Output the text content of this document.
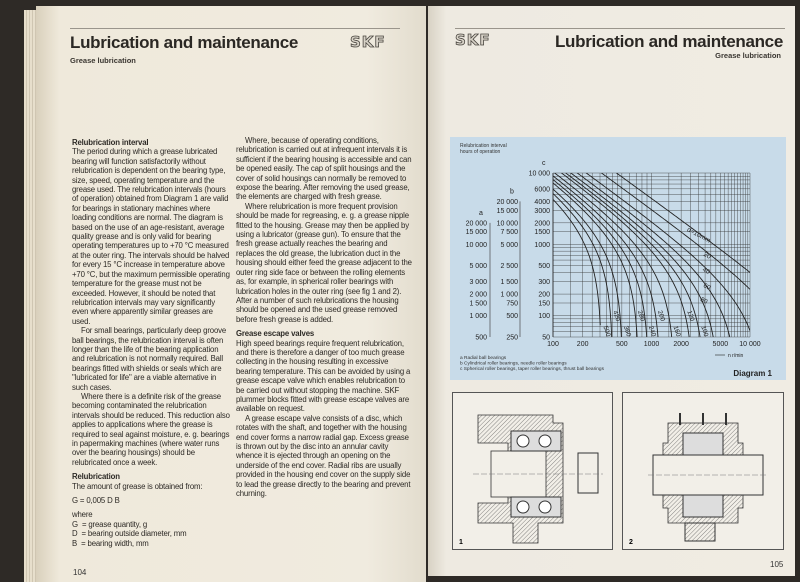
Lubrication and maintenance	SKF
Grease lubrication
Relubrication interval

The period during which a grease lubricated bearing will function satisfactorily without relubrication is dependent on the bearing type, size, speed, operating temperature and the grease used. The relubrication intervals (hours of operation) obtained from Diagram 1 are valid for bearings in stationary machines where loading conditions are normal. The diagram is based on the use of an age-resistant, average quality grease and is only valid for bearing operating temperatures up to +70 °C measured at the outer ring. The intervals should be halved for every 15 °C increase in temperature above +70 °C, but the maximum permissible operating temperature for the grease must not be exceeded. However, it should be noted that relubrication intervals may vary significantly even where apparently similar greases are used.

For small bearings, particularly deep groove ball bearings, the relubrication interval is often longer than the life of the bearing application and relubrication is not normally required. Ball bearings fitted with shields or seals which are "lubricated for life" are a viable alternative in such cases.

Where there is a definite risk of the grease becoming contaminated the relubrication intervals should be reduced. This reduction also applies to applications where the grease is required to seal against moisture, e. g. bearings in papermaking machines (where water runs over the bearing housings) should be relubricated once a week.

Relubrication

The amount of grease is obtained from:

G = 0,005 D B

where

G  = grease quantity, g

D  = bearing outside diameter, mm

B  = bearing width, mm

Where, because of operating conditions, relubrication is carried out at infrequent intervals it is sufficient if the bearing housing is accessible and can be opened easily. The cap of split housings and the cover of solid housings can normally be removed to expose the bearing. After removing the used grease, the elements are charged with fresh grease.

Where relubrication is more frequent provision should be made for regreasing, e. g. a grease nipple fitted to the housing. Grease may then be applied by using a lubricator (grease gun). To ensure that the fresh grease actually reaches the bearing and replaces the old grease, the lubrication duct in the housing should either feed the grease adjacent to the outer ring side face or between the rolling elements as, for example, in spherical roller bearings with lubrication holes in the outer ring (see fig 1 and 2). After a number of such relubrications the housing should be opened and the used grease removed before fresh grease is added.

Grease escape valves

High speed bearings require frequent relubrication, and there is therefore a danger of too much grease collecting in the housing resulting in excessive bearing temperature. This can be avoided by using a grease escape valve which enables relubrication to be carried out without stopping the machine. SKF plummer blocks fitted with grease escape valves are available on request.

A grease escape valve consists of a disc, which rotates with the shaft, and together with the housing end cover forms a narrow radial gap. Excess grease is thrown out by the disc into an annular cavity whence it is ejected through an opening on the underside of the end cover. Radial ribs are usually provided in the housing end cover on the supply side to lead the grease directly to the bearing and prevent churning.

104
SKF	Lubrication and maintenance
Grease lubrication
Relubrication interval
hours of operation
a
20 000
15 000
10 000
5 000
3 000
2 000
1 500
1 000
500
b
20 000
15 000
10 000
7 500
5 000
2 500
1 500
1 000
750
500
250
c
10 000
6000
4000
3000
2000
1500
1000
500
300
200
150
100
50
100	200	500 1000 2000	5000 10 000
n r/min
d=10mm
20
40
60
80
100
120
160
200
240
280
360
420
500
a Radial ball bearings
b Cylindrical roller bearings, needle roller bearings
c Spherical roller bearings, taper roller bearings, thrust ball bearings	Diagram 1
1	2
105
